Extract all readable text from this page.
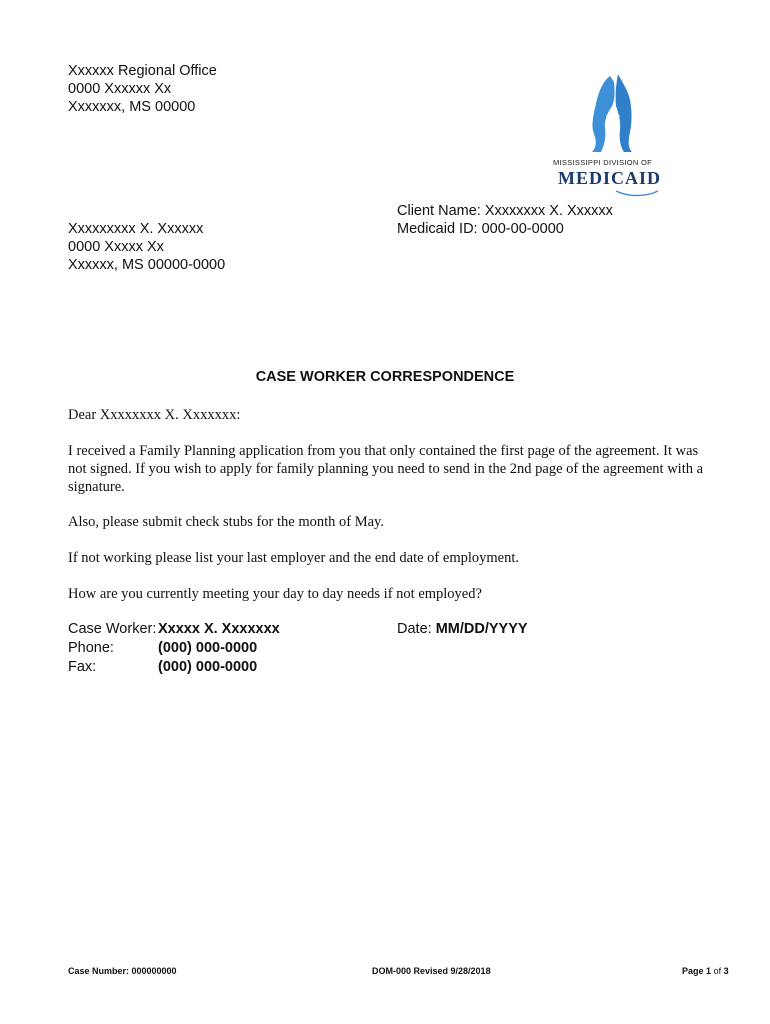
Xxxxxx Regional Office
0000 Xxxxxx Xx
Xxxxxxx, MS 00000
MISSISSIPPI DIVISION OF
MEDICAID
Xxxxxxxxx X. Xxxxxx
0000 Xxxxx Xx
Xxxxxx, MS 00000-0000
Client Name: Xxxxxxxx X. Xxxxxx
Medicaid ID: 000-00-0000
CASE WORKER CORRESPONDENCE
Dear Xxxxxxxx X. Xxxxxxx:
I received a Family Planning application from you that only contained the first page of the agreement. It was not signed. If you wish to apply for family planning you need to send in the 2nd page of the agreement with a signature.
Also, please submit check stubs for the month of May.
If not working please list your last employer and the end date of employment.
How are you currently meeting your day to day needs if not employed?
Case Worker: Xxxxx X. Xxxxxxx
Phone:	(000) 000-0000
Fax:	(000) 000-0000
Date: MM/DD/YYYY
Case Number: 000000000	DOM-000 Revised 9/28/2018	Page 1 of 3
